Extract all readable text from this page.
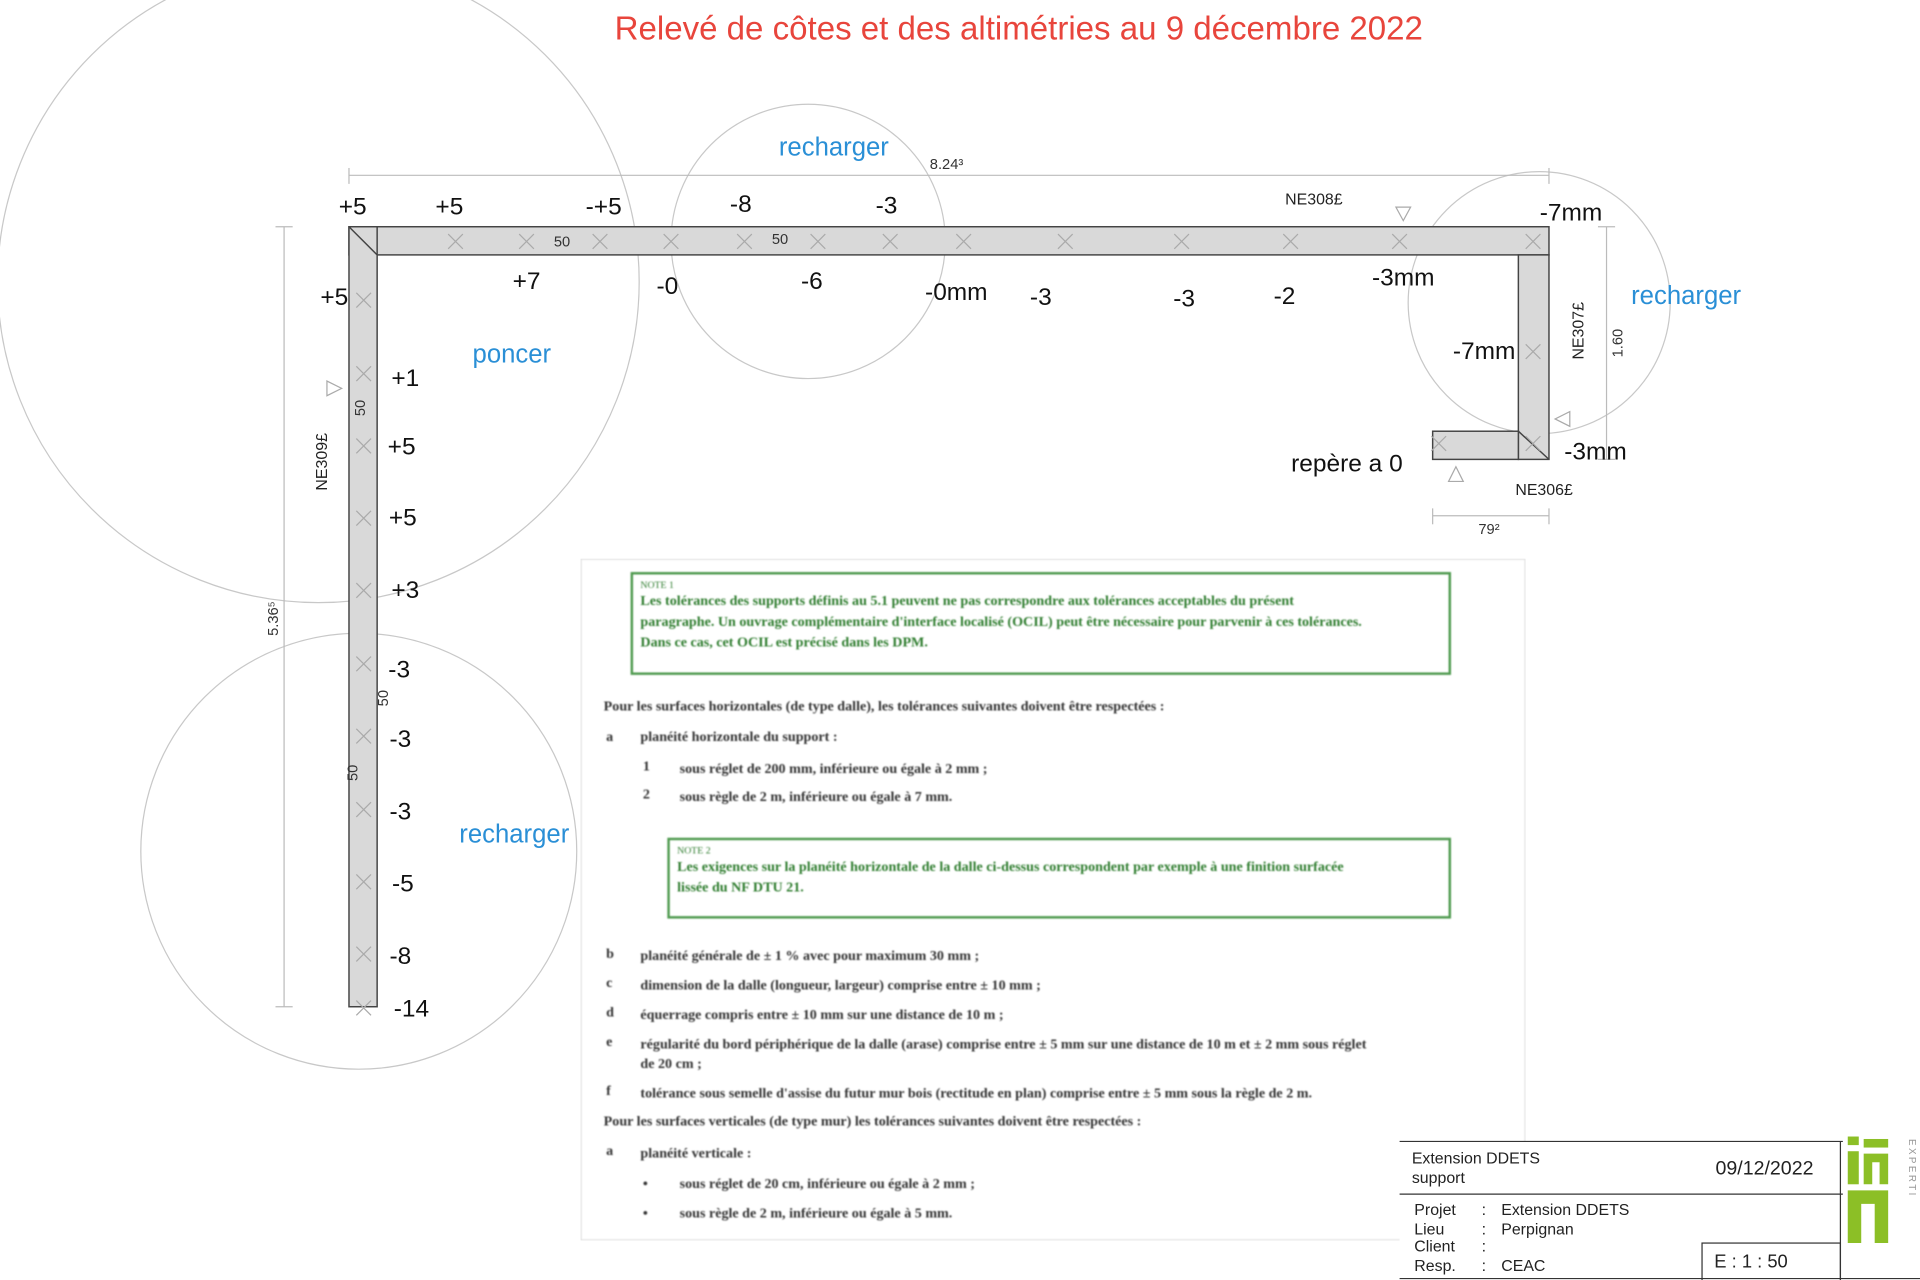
Relevé de côtes et des altimétries au 9 décembre 2022
+5	+5	-+5	-8	-3
+7	-0	-6	-0mm -3	-3	-2
-3mm
-7mm
-7mm
-3mm
+5
+1
+5
+5
+3
-3
-3
-3
-5
-8
-14
recharger
poncer
recharger
recharger
repère a 0
NE308£
NE307£
NE309£	NE306£
8.24³
5.36⁵
1.60
79²
50	50
50
50
50
NOTE 1
Les tolérances des supports définis au 5.1 peuvent ne pas correspondre aux tolérances acceptables du présent
paragraphe. Un ouvrage complémentaire d'interface localisé (OCIL) peut être nécessaire pour parvenir à ces tolérances.
Dans ce cas, cet OCIL est précisé dans les DPM.
Pour les surfaces horizontales (de type dalle), les tolérances suivantes doivent être respectées :
a planéité horizontale du support :
1	sous réglet de 200 mm, inférieure ou égale à 2 mm ;
2	sous règle de 2 m, inférieure ou égale à 7 mm.
NOTE 2
Les exigences sur la planéité horizontale de la dalle ci-dessus correspondent par exemple à une finition surfacée
lissée du NF DTU 21.
b planéité générale de ± 1 % avec pour maximum 30 mm ;
c dimension de la dalle (longueur, largeur) comprise entre ± 10 mm ;
d équerrage compris entre ± 10 mm sur une distance de 10 m ;
e régularité du bord périphérique de la dalle (arase) comprise entre ± 5 mm sur une distance de 10 m et ± 2 mm sous réglet
de 20 cm ;
f	tolérance sous semelle d'assise du futur mur bois (rectitude en plan) comprise entre ± 5 mm sous la règle de 2 m.
Pour les surfaces verticales (de type mur) les tolérances suivantes doivent être respectées :
a planéité verticale :
•	sous réglet de 20 cm, inférieure ou égale à 2 mm ;
•	sous règle de 2 m, inférieure ou égale à 5 mm.
Extension DDETS
support	09/12/2022
Projet : Extension DDETS
Lieu	: Perpignan
Client :
Resp. : CEAC	E : 1 : 50
EXPERTI
